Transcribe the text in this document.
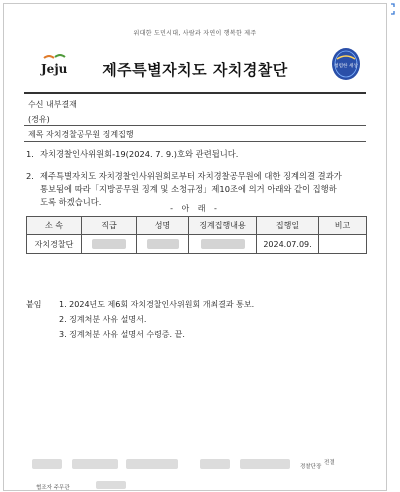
위대한 도민시대, 사람과 자연이 행복한 제주
Jeju	제주특별자치도 자치경찰단	청렴한 세상
수신 내부결재
(경유)
제목 자치경찰공무원 징계집행
1. 자치경찰인사위원회-19(2024. 7. 9.)호와 관련됩니다.
2. 제주특별자치도 자치경찰인사위원회로부터 자치경찰공무원에 대한 징계의결 결과가
통보됨에 따라「지방공무원 징계 및 소청규정」제10조에 의거 아래와 같이 집행하
도록 하겠습니다.
- 아 래 -
소 속	직급	성명	징계집행내용	집행일	비고
자치경찰단				2024.07.09.	
붙임 1. 2024년도 제6회 자치경찰인사위원회 개최결과 통보.
2. 징계처분 사유 설명서.
3. 징계처분 사유 설명서 수령증. 끝.
경찰단장
전결
협조자 주무관
